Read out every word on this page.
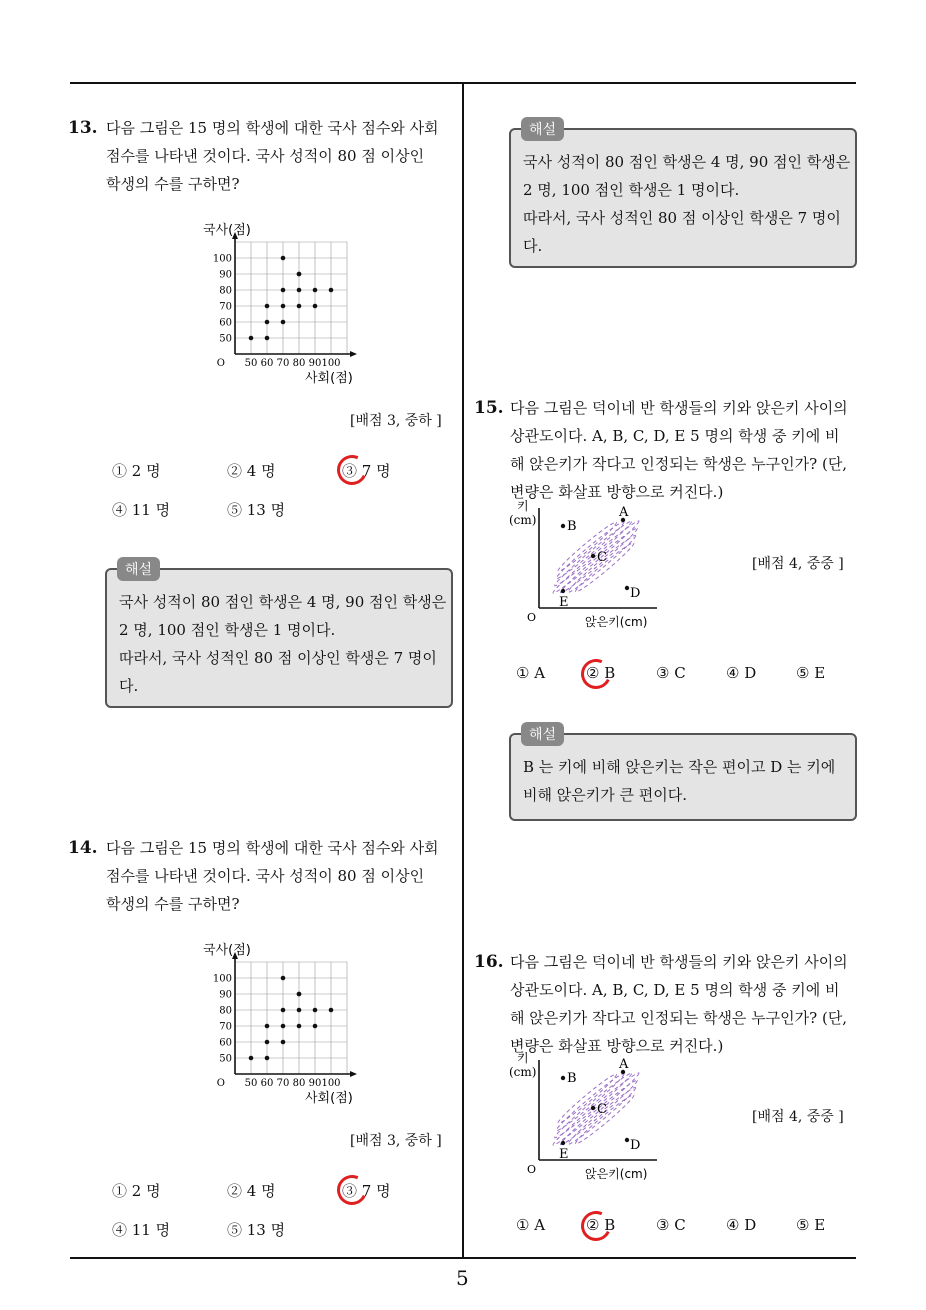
5
13. 다음 그림은 15 명의 학생에 대한 국사 점수와 사회
점수를 나타낸 것이다. 국사 성적이 80 점 이상인
학생의 수를 구하면?
100
90
80
70
60
50
50 60 70 80 90 100
O
국사(점)
사회(점)
[배점 3, 중하 ]
해설
국사 성적이 80 점인 학생은 4 명, 90 점인 학생은
2 명, 100 점인 학생은 1 명이다.
따라서, 국사 성적인 80 점 이상인 학생은 7 명이
다.
14. 다음 그림은 15 명의 학생에 대한 국사 점수와 사회
점수를 나타낸 것이다. 국사 성적이 80 점 이상인
학생의 수를 구하면?
100
90
80
70
60
50
50 60 70 80 90 100
O
국사(점)
사회(점)
[배점 3, 중하 ]
해설
국사 성적이 80 점인 학생은 4 명, 90 점인 학생은
2 명, 100 점인 학생은 1 명이다.
따라서, 국사 성적인 80 점 이상인 학생은 7 명이
다.
15. 다음 그림은 덕이네 반 학생들의 키와 앉은키 사이의
상관도이다. A, B, C, D, E 5 명의 학생 중 키에 비
해 앉은키가 작다고 인정되는 학생은 누구인가? (단,
변량은 화살표 방향으로 커진다.)
A
B
C
D
E
키
(cm)
O	앉은키(cm)
[배점 4, 중중 ]
해설
B 는 키에 비해 앉은키는 작은 편이고 D 는 키에
비해 앉은키가 큰 편이다.
16. 다음 그림은 덕이네 반 학생들의 키와 앉은키 사이의
상관도이다. A, B, C, D, E 5 명의 학생 중 키에 비
해 앉은키가 작다고 인정되는 학생은 누구인가? (단,
변량은 화살표 방향으로 커진다.)
A
B
C
D
E
키
(cm)
O	앉은키(cm)
[배점 4, 중중 ]
① 2 명	② 4 명	③ 7 명
④ 11 명	⑤ 13 명
① 2 명	② 4 명	③ 7 명
④ 11 명	⑤ 13 명
① A	② B	③ C	④ D	⑤ E
① A	② B	③ C	④ D	⑤ E
